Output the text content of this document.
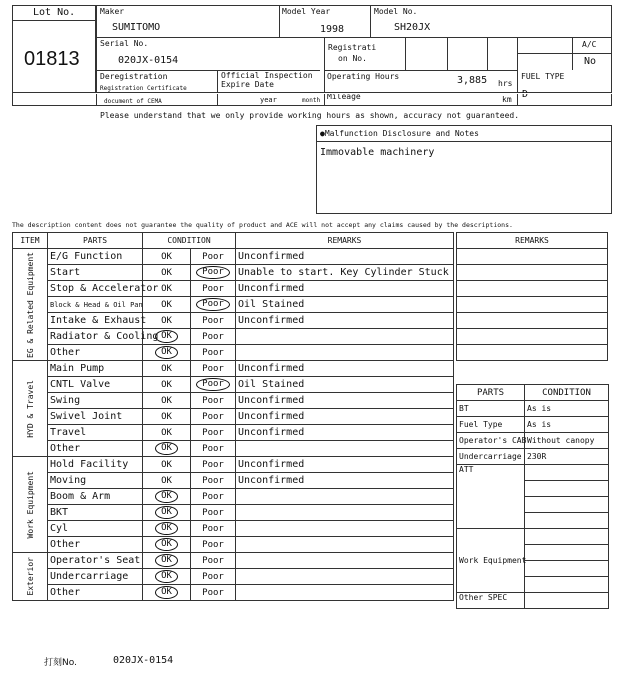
Lot No.
01813
Maker
SUMITOMO
Model Year
1998
Model No.
SH20JX
Serial No.
020JX-0154
Registrati
on No.
A/C
No
Deregistration
Registration Certificate
document of CEMA
Official Inspection
Expire Date
year	month
Operating Hours	3,885 hrs
Mileage	km
FUEL TYPE
D
Please understand that we only provide working hours as shown, accuracy not guaranteed.
●Malfunction Disclosure and Notes
Immovable machinery
The description content does not guarantee the quality of product and ACE will not accept any claims caused by the descriptions.
ITEM	PARTS	CONDITION		REMARKS

EG & Related Equipment	E/G Function	OK	Poor	Unconfirmed
	Start	OK	Poor	Unable to start. Key Cylinder Stuck
	Stop & Accelerator	OK	Poor	Unconfirmed
	Block & Head & Oil Pan	OK	Poor	Oil Stained
	Intake & Exhaust	OK	Poor	Unconfirmed
	Radiator & Cooling	OK	Poor	
	Other	OK	Poor	

HYD & Travel	Main Pump	OK	Poor	Unconfirmed
	CNTL Valve	OK	Poor	Oil Stained
	Swing	OK	Poor	Unconfirmed
	Swivel Joint	OK	Poor	Unconfirmed
	Travel	OK	Poor	Unconfirmed
	Other	OK	Poor	

Work Equipment	Hold Facility	OK	Poor	Unconfirmed
	Moving	OK	Poor	Unconfirmed
	Boom & Arm	OK	Poor	
	BKT	OK	Poor	
	Cyl	OK	Poor	
	Other	OK	Poor	

Exterior	Operator's Seat	OK	Poor	
	Undercarriage	OK	Poor	
	Other	OK	Poor	
REMARKS

PARTS	CONDITION
BT	As is
Fuel Type	As is
Operator's CAB	Without canopy
Undercarriage	230R
ATT	

Work Equipment	

Other SPEC	
打刻No.	020JX-0154
